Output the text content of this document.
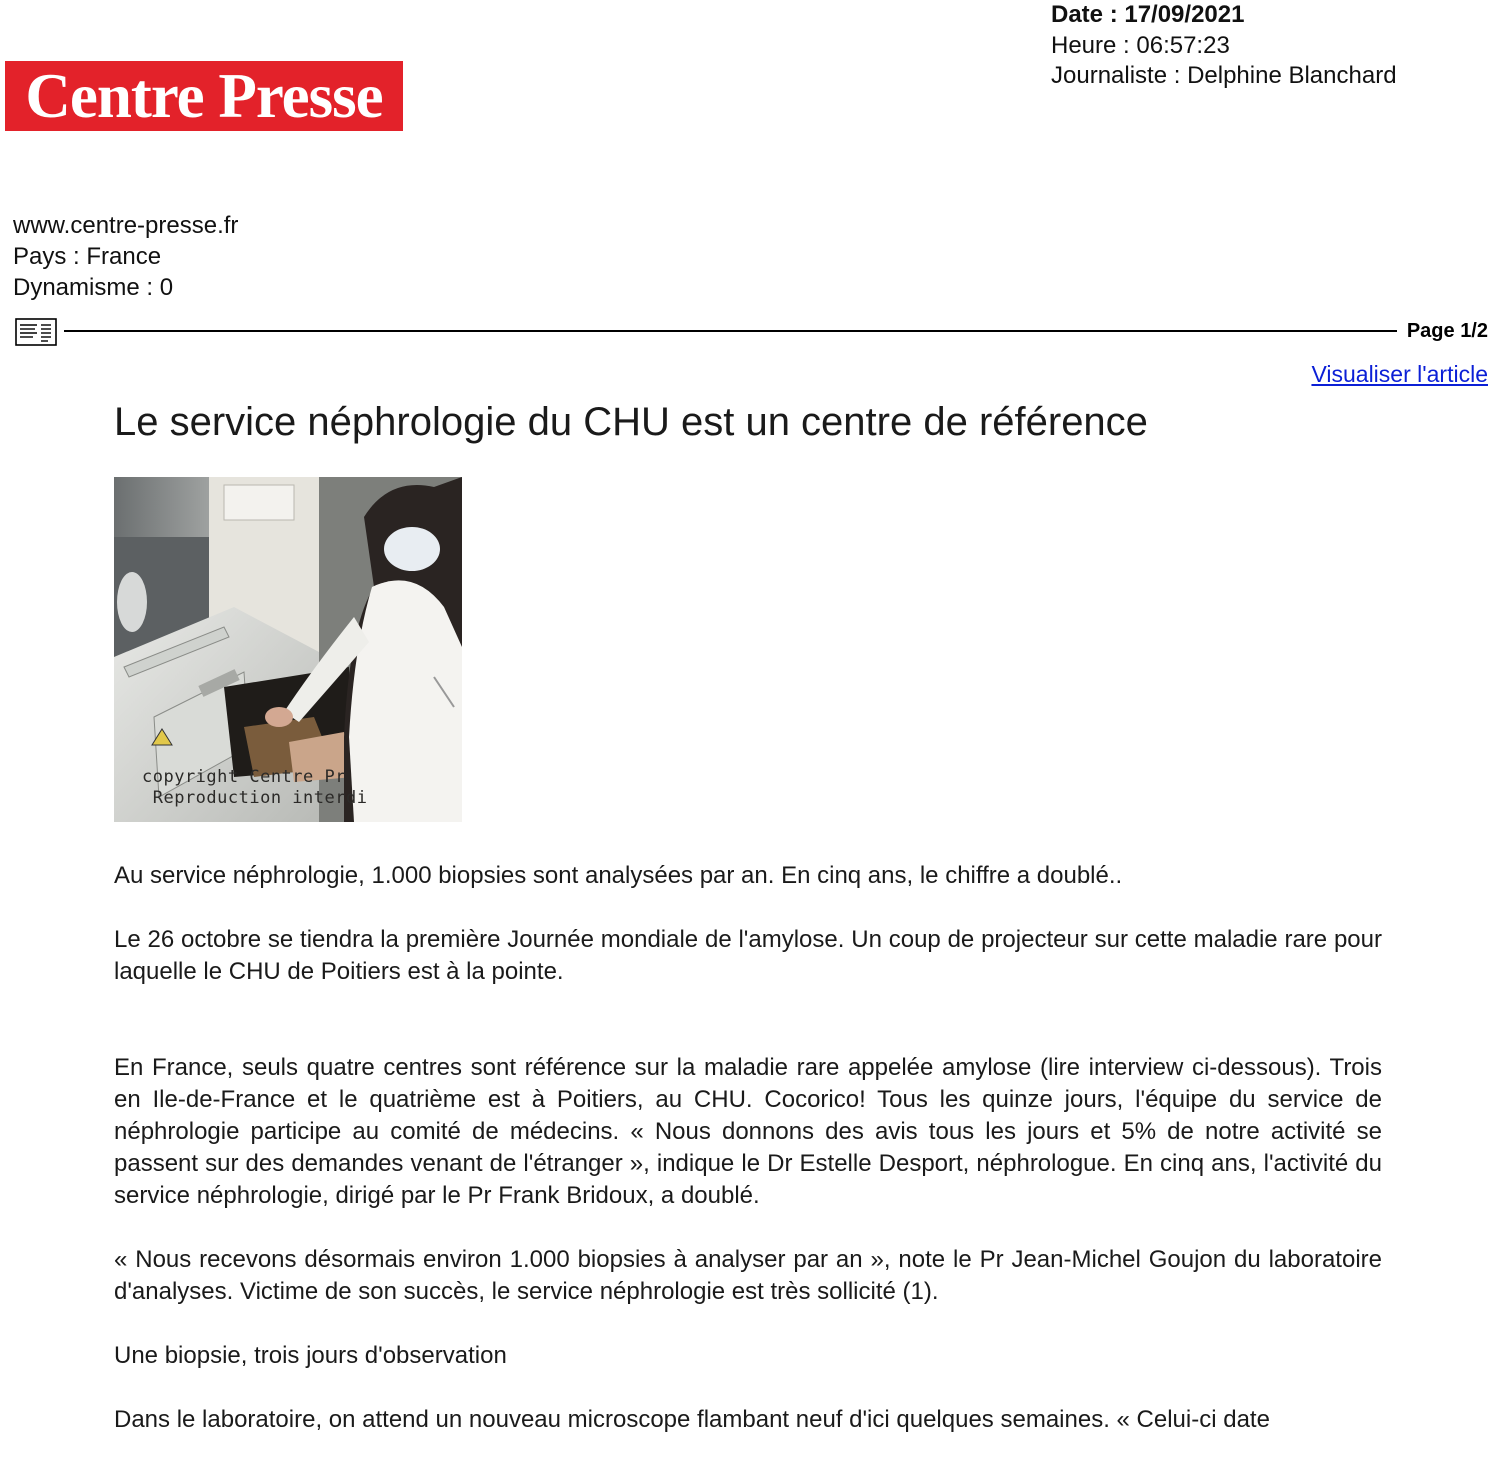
Centre Presse
Date : 17/09/2021
Heure : 06:57:23
Journaliste : Delphine Blanchard
www.centre-presse.fr
Pays : France
Dynamisme : 0
Page 1/2
Visualiser l'article
Le service néphrologie du CHU est un centre de référence
copyright Centre Pr
Reproduction interdi

Au service néphrologie, 1.000 biopsies sont analysées par an. En cinq ans, le chiffre a doublé..

Le 26 octobre se tiendra la première Journée mondiale de l'amylose. Un coup de projecteur sur cette maladie rare pour laquelle le CHU de Poitiers est à la pointe.

En France, seuls quatre centres sont référence sur la maladie rare appelée amylose (lire interview ci-dessous). Trois en Ile-de-France et le quatrième est à Poitiers, au CHU. Cocorico! Tous les quinze jours, l'équipe du service de néphrologie participe au comité de médecins. « Nous donnons des avis tous les jours et 5% de notre activité se passent sur des demandes venant de l'étranger », indique le Dr Estelle Desport, néphrologue. En cinq ans, l'activité du service néphrologie, dirigé par le Pr Frank Bridoux, a doublé.

« Nous recevons désormais environ 1.000 biopsies à analyser par an », note le Pr Jean-Michel Goujon du laboratoire d'analyses. Victime de son succès, le service néphrologie est très sollicité (1).

Une biopsie, trois jours d'observation

Dans le laboratoire, on attend un nouveau microscope flambant neuf d'ici quelques semaines. « Celui-ci date
